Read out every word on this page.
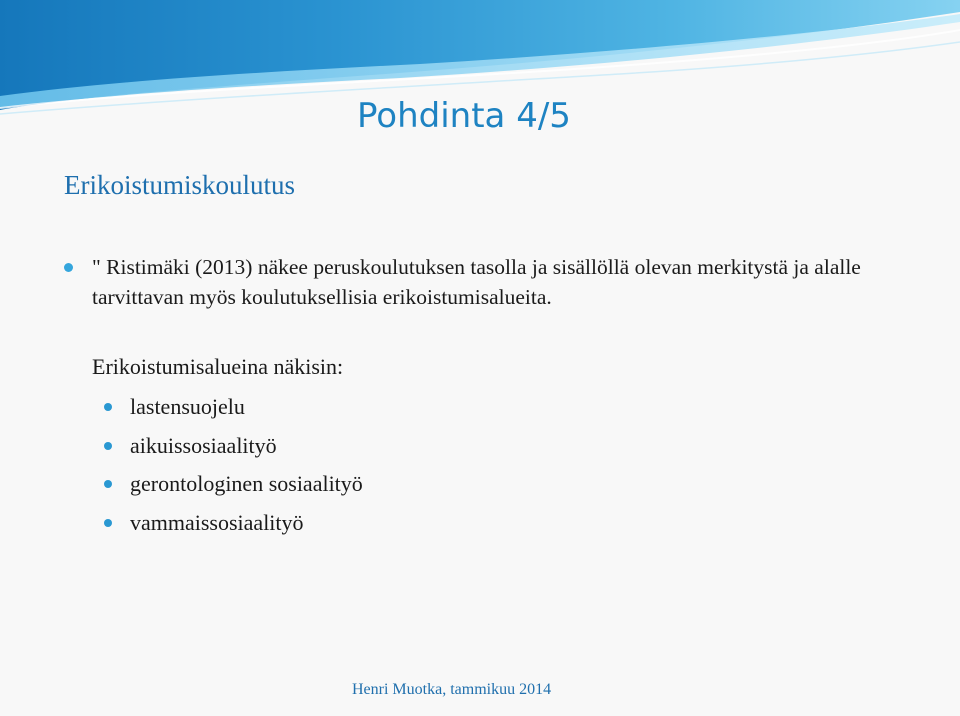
Pohdinta 4/5
Erikoistumiskoulutus
" Ristimäki (2013) näkee peruskoulutuksen tasolla ja sisällöllä olevan merkitystä ja alalle tarvittavan myös koulutuksellisia erikoistumisalueita.
Erikoistumisalueina näkisin:
lastensuojelu
aikuissosiaalityö
gerontologinen sosiaalityö
vammaissosiaalityö
Henri Muotka, tammikuu 2014
